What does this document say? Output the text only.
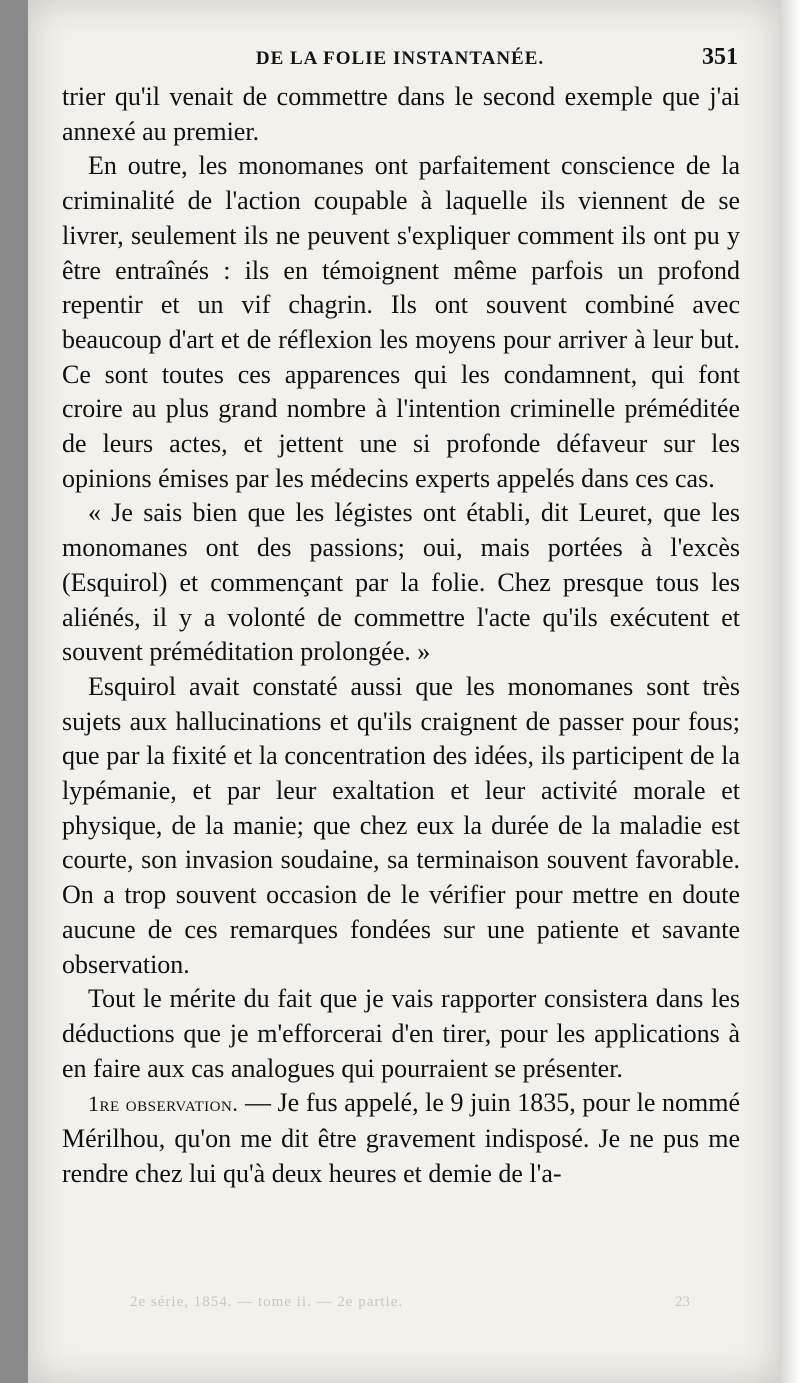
DE LA FOLIE INSTANTANÉE.	351

trier qu'il venait de commettre dans le second exemple que j'ai annexé au premier.

En outre, les monomanes ont parfaitement conscience de la criminalité de l'action coupable à laquelle ils viennent de se livrer, seulement ils ne peuvent s'expliquer comment ils ont pu y être entraînés : ils en témoignent même parfois un profond repentir et un vif chagrin. Ils ont souvent combiné avec beaucoup d'art et de réflexion les moyens pour arriver à leur but. Ce sont toutes ces apparences qui les condamnent, qui font croire au plus grand nombre à l'intention criminelle préméditée de leurs actes, et jettent une si profonde défaveur sur les opinions émises par les médecins experts appelés dans ces cas.

« Je sais bien que les légistes ont établi, dit Leuret, que les monomanes ont des passions; oui, mais portées à l'excès (Esquirol) et commençant par la folie. Chez presque tous les aliénés, il y a volonté de commettre l'acte qu'ils exécutent et souvent préméditation prolongée. »

Esquirol avait constaté aussi que les monomanes sont très sujets aux hallucinations et qu'ils craignent de passer pour fous; que par la fixité et la concentration des idées, ils participent de la lypémanie, et par leur exaltation et leur activité morale et physique, de la manie; que chez eux la durée de la maladie est courte, son invasion soudaine, sa terminaison souvent favorable. On a trop souvent occasion de le vérifier pour mettre en doute aucune de ces remarques fondées sur une patiente et savante observation.

Tout le mérite du fait que je vais rapporter consistera dans les déductions que je m'efforcerai d'en tirer, pour les applications à en faire aux cas analogues qui pourraient se présenter.

1re observation. — Je fus appelé, le 9 juin 1835, pour le nommé Mérilhou, qu'on me dit être gravement indisposé. Je ne pus me rendre chez lui qu'à deux heures et demie de l'a-

2e série, 1854. — tome ii. — 2e partie.	23
